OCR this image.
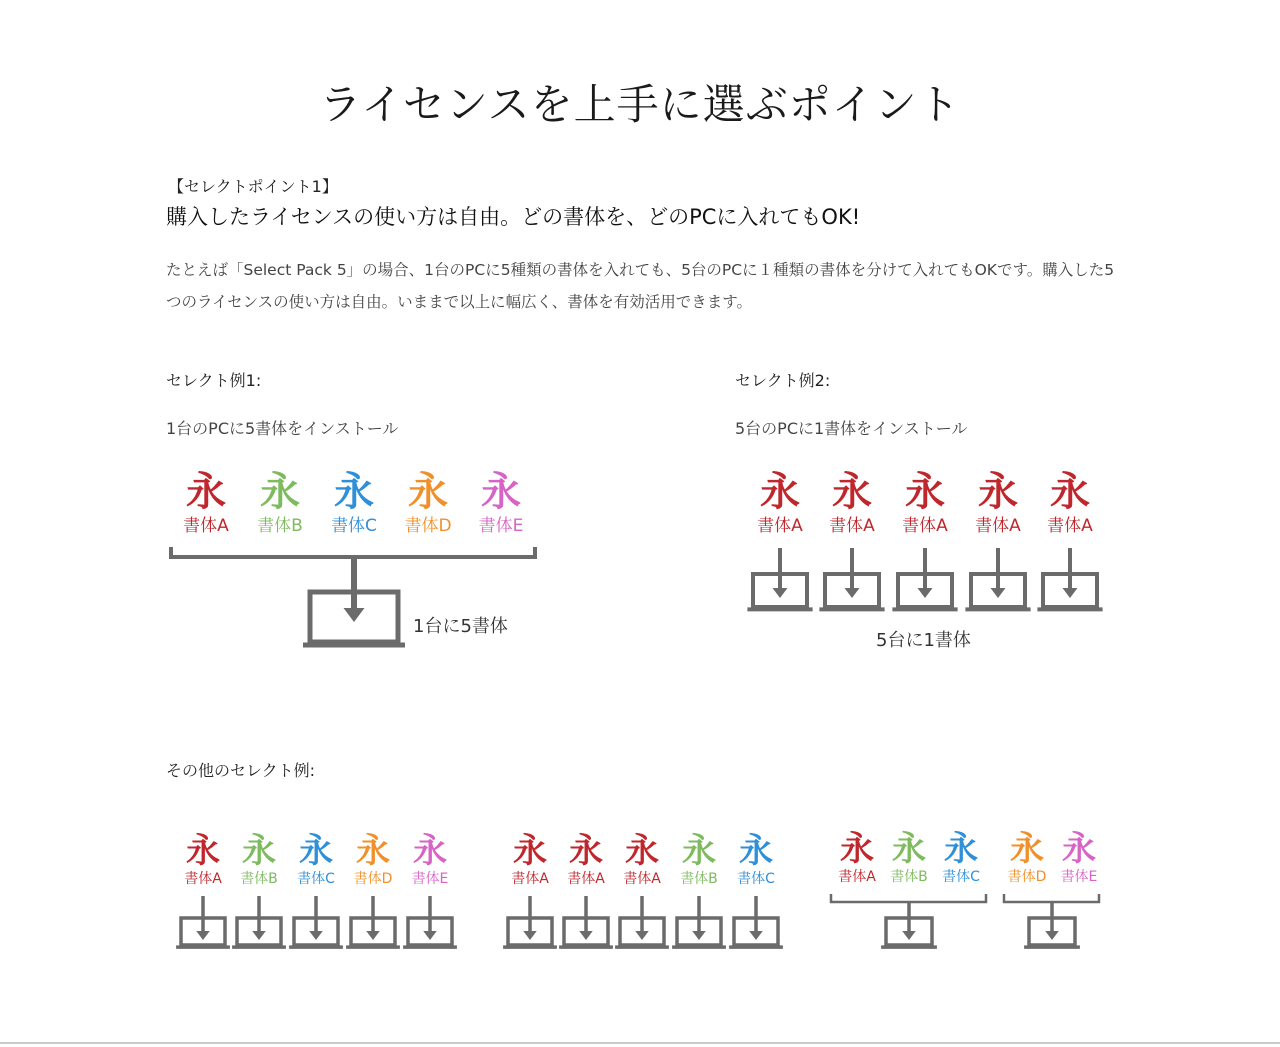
ライセンスを上手に選ぶポイント
【セレクトポイント1】
購入したライセンスの使い方は自由。どの書体を、どのPCに入れてもOK!
たとえば「Select Pack 5」の場合、1台のPCに5種類の書体を入れても、5台のPCに１種類の書体を分けて入れてもOKです。購入した5つのライセンスの使い方は自由。いままで以上に幅広く、書体を有効活用できます。
セレクト例1:
1台のPCに5書体をインストール
1台に5書体
セレクト例2:
5台のPCに1書体をインストール
5台に1書体
その他のセレクト例:
永
書体A
永
書体B
永
書体C
永
書体D
永
書体E
永
書体A
永
書体A
永
書体A
永
書体A
永
書体A
永
書体A
永
書体B
永
書体C
永
書体D
永
書体E
永
書体A
永
書体A
永
書体A
永
書体B
永
書体C
永
書体A
永
書体B
永
書体C
永
書体D
永
書体E
